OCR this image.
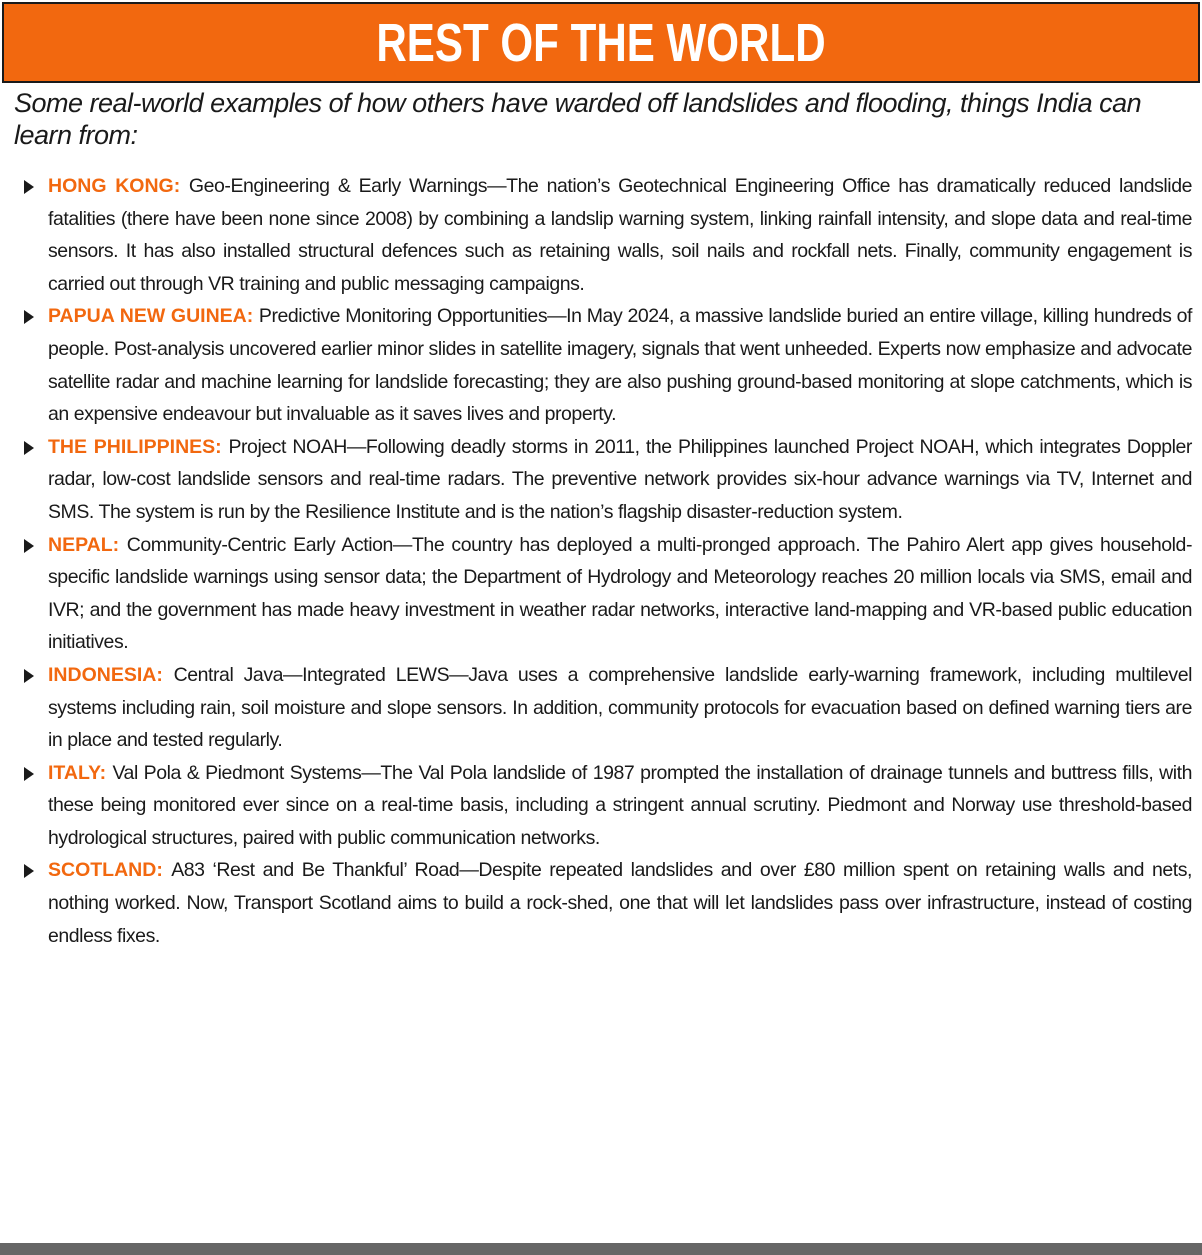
REST OF THE WORLD
Some real-world examples of how others have warded off landslides and flooding, things India can learn from:
HONG KONG: Geo-Engineering & Early Warnings—The nation’s Geotechnical Engineering Office has dramatically reduced landslide fatalities (there have been none since 2008) by combining a landslip warning system, linking rainfall intensity, and slope data and real-time sensors. It has also installed structural defences such as retaining walls, soil nails and rockfall nets. Finally, community engagement is carried out through VR training and public messaging campaigns.
PAPUA NEW GUINEA: Predictive Monitoring Opportunities—In May 2024, a massive landslide buried an entire village, killing hundreds of people. Post-analysis uncovered earlier minor slides in satellite imagery, signals that went unheeded. Experts now emphasize and advocate satellite radar and machine learning for landslide forecasting; they are also pushing ground-based monitoring at slope catchments, which is an expensive endeavour but invaluable as it saves lives and property.
THE PHILIPPINES: Project NOAH—Following deadly storms in 2011, the Philippines launched Project NOAH, which integrates Doppler radar, low-cost landslide sensors and real-time radars. The preventive network provides six-hour advance warnings via TV, Internet and SMS. The system is run by the Resilience Institute and is the nation’s flagship disaster-reduction system.
NEPAL: Community-Centric Early Action—The country has deployed a multi-pronged approach. The Pahiro Alert app gives household-specific landslide warnings using sensor data; the Department of Hydrology and Meteorology reaches 20 million locals via SMS, email and IVR; and the government has made heavy investment in weather radar networks, interactive land-mapping and VR-based public education initiatives.
INDONESIA: Central Java—Integrated LEWS—Java uses a comprehensive landslide early-warning framework, including multilevel systems including rain, soil moisture and slope sensors. In addition, community protocols for evacuation based on defined warning tiers are in place and tested regularly.
ITALY: Val Pola & Piedmont Systems—The Val Pola landslide of 1987 prompted the installation of drainage tunnels and buttress fills, with these being monitored ever since on a real-time basis, including a stringent annual scrutiny. Piedmont and Norway use threshold-based hydrological structures, paired with public communication networks.
SCOTLAND: A83 ‘Rest and Be Thankful’ Road—Despite repeated landslides and over £80 million spent on retaining walls and nets, nothing worked. Now, Transport Scotland aims to build a rock-shed, one that will let landslides pass over infrastructure, instead of costing endless fixes.
